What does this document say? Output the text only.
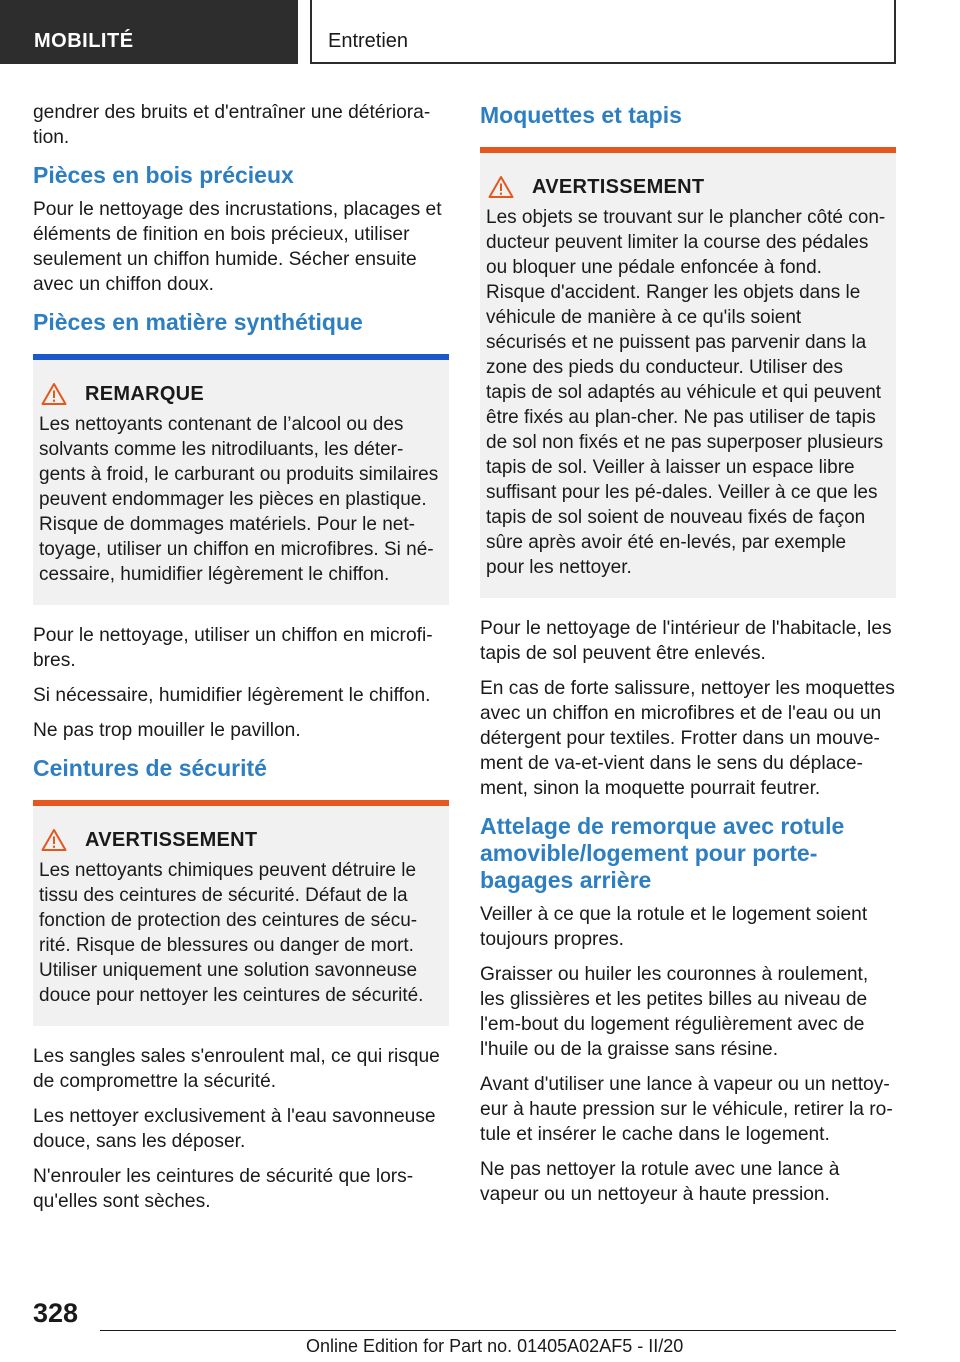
MOBILITÉ	Entretien

gendrer des bruits et d'entraîner une détériora-tion.

Pièces en bois précieux

Pour le nettoyage des incrustations, placages et éléments de finition en bois précieux, utiliser seulement un chiffon humide. Sécher ensuite avec un chiffon doux.

Pièces en matière synthétique
REMARQUE
Les nettoyants contenant de l’alcool ou des solvants comme les nitrodiluants, les déter-gents à froid, le carburant ou produits similaires peuvent endommager les pièces en plastique. Risque de dommages matériels. Pour le net-toyage, utiliser un chiffon en microfibres. Si né-cessaire, humidifier légèrement le chiffon.

Pour le nettoyage, utiliser un chiffon en microfi-bres.

Si nécessaire, humidifier légèrement le chiffon.

Ne pas trop mouiller le pavillon.

Ceintures de sécurité
AVERTISSEMENT
Les nettoyants chimiques peuvent détruire le tissu des ceintures de sécurité. Défaut de la fonction de protection des ceintures de sécu-rité. Risque de blessures ou danger de mort. Utiliser uniquement une solution savonneuse douce pour nettoyer les ceintures de sécurité.

Les sangles sales s'enroulent mal, ce qui risque de compromettre la sécurité.

Les nettoyer exclusivement à l'eau savonneuse douce, sans les déposer.

N'enrouler les ceintures de sécurité que lors-qu'elles sont sèches.

Moquettes et tapis
AVERTISSEMENT
Les objets se trouvant sur le plancher côté con-ducteur peuvent limiter la course des pédales ou bloquer une pédale enfoncée à fond. Risque d'accident. Ranger les objets dans le véhicule de manière à ce qu'ils soient sécurisés et ne puissent pas parvenir dans la zone des pieds du conducteur. Utiliser des tapis de sol adaptés au véhicule et qui peuvent être fixés au plan-cher. Ne pas utiliser de tapis de sol non fixés et ne pas superposer plusieurs tapis de sol. Veiller à laisser un espace libre suffisant pour les pé-dales. Veiller à ce que les tapis de sol soient de nouveau fixés de façon sûre après avoir été en-levés, par exemple pour les nettoyer.

Pour le nettoyage de l'intérieur de l'habitacle, les tapis de sol peuvent être enlevés.

En cas de forte salissure, nettoyer les moquettes avec un chiffon en microfibres et de l'eau ou un détergent pour textiles. Frotter dans un mouve-ment de va-et-vient dans le sens du déplace-ment, sinon la moquette pourrait feutrer.

Attelage de remorque avec rotule amovible/logement pour porte-bagages arrière

Veiller à ce que la rotule et le logement soient toujours propres.

Graisser ou huiler les couronnes à roulement, les glissières et les petites billes au niveau de l'em-bout du logement régulièrement avec de l'huile ou de la graisse sans résine.

Avant d'utiliser une lance à vapeur ou un nettoy-eur à haute pression sur le véhicule, retirer la ro-tule et insérer le cache dans le logement.

Ne pas nettoyer la rotule avec une lance à vapeur ou un nettoyeur à haute pression.

328
Online Edition for Part no. 01405A02AF5 - II/20
